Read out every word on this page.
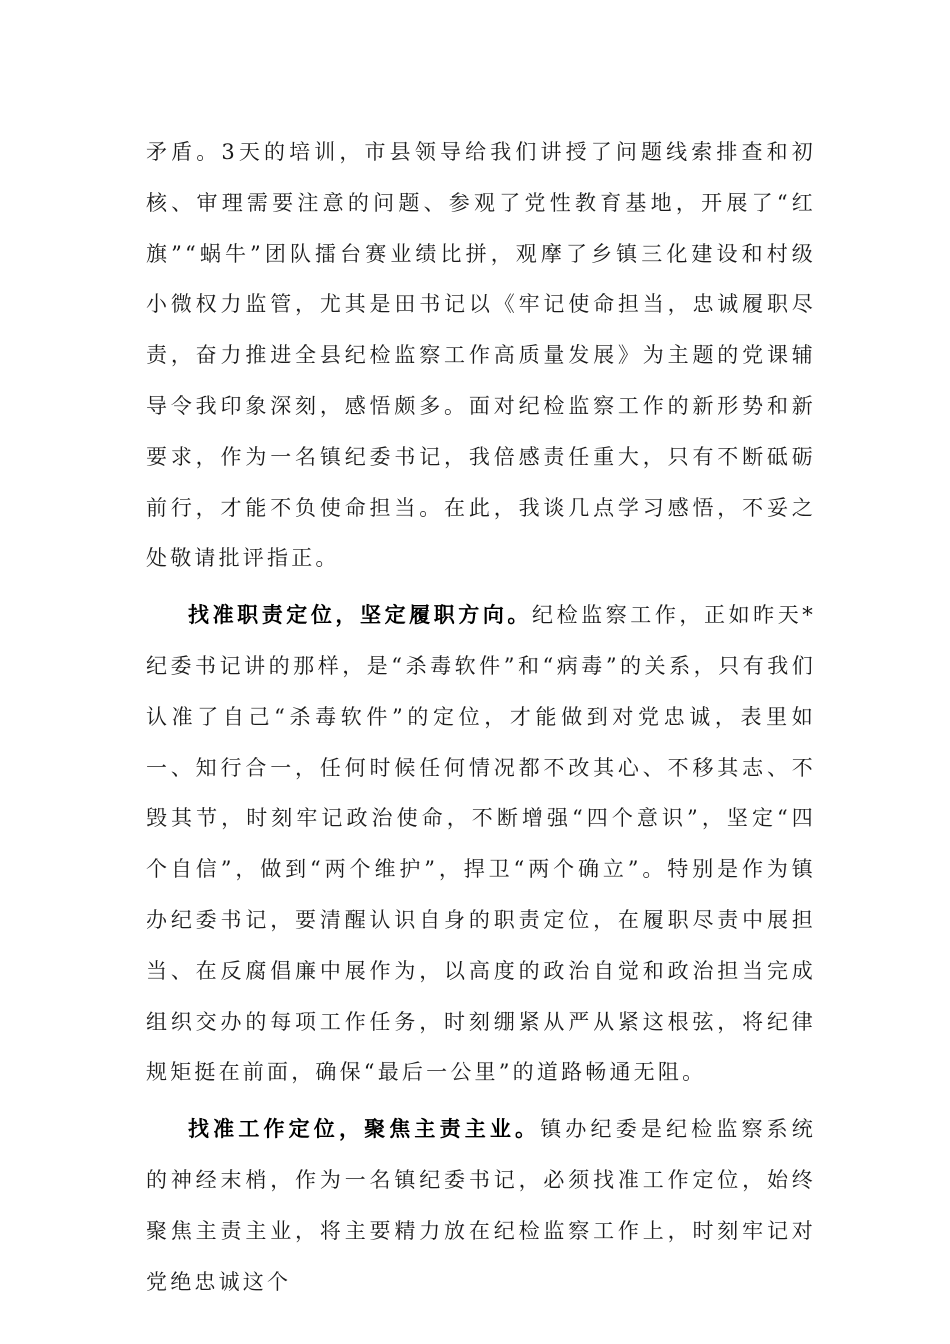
矛盾。3天的培训，市县领导给我们讲授了问题线索排查和初核、审理需要注意的问题、参观了党性教育基地，开展了“红旗”“蜗牛”团队擂台赛业绩比拼，观摩了乡镇三化建设和村级小微权力监管，尤其是田书记以《牢记使命担当，忠诚履职尽责，奋力推进全县纪检监察工作高质量发展》为主题的党课辅导令我印象深刻，感悟颇多。面对纪检监察工作的新形势和新要求，作为一名镇纪委书记，我倍感责任重大，只有不断砥砺前行，才能不负使命担当。在此，我谈几点学习感悟，不妥之处敬请批评指正。

找准职责定位，坚定履职方向。纪检监察工作，正如昨天*纪委书记讲的那样，是“杀毒软件”和“病毒”的关系，只有我们认准了自己“杀毒软件”的定位，才能做到对党忠诚，表里如一、知行合一，任何时候任何情况都不改其心、不移其志、不毁其节，时刻牢记政治使命，不断增强“四个意识”，坚定“四个自信”，做到“两个维护”，捍卫“两个确立”。特别是作为镇办纪委书记，要清醒认识自身的职责定位，在履职尽责中展担当、在反腐倡廉中展作为，以高度的政治自觉和政治担当完成组织交办的每项工作任务，时刻绷紧从严从紧这根弦，将纪律规矩挺在前面，确保“最后一公里”的道路畅通无阻。

找准工作定位，聚焦主责主业。镇办纪委是纪检监察系统的神经末梢，作为一名镇纪委书记，必须找准工作定位，始终聚焦主责主业，将主要精力放在纪检监察工作上，时刻牢记对党绝忠诚这个
